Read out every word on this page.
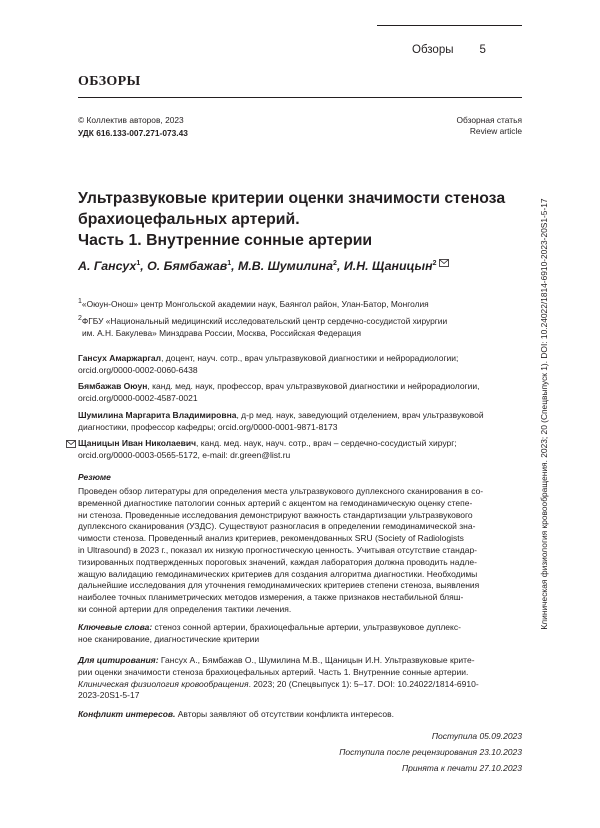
Обзоры 5
ОБЗОРЫ
© Коллектив авторов, 2023
УДК 616.133-007.271-073.43
Обзорная статья
Review article
Ультразвуковые критерии оценки значимости стеноза
брахиоцефальных артерий.
Часть 1. Внутренние сонные артерии
А. Гансух$^1$, О. Бямбажав$^1$, М.В. Шумилина$^2$, И.Н. Щаницын$^2$
$^1$«Оюун-Онош» центр Монгольской академии наук, Баянгол район, Улан-Батор, Монголия
$^2$ФГБУ «Национальный медицинский исследовательский центр сердечно-сосудистой хирургии
им. А.Н. Бакулева» Минздрава России, Москва, Российская Федерация
Гансух Амаржаргал, доцент, науч. сотр., врач ультразвуковой диагностики и нейрорадиологии;
orcid.org/0000-0002-0060-6438
Бямбажав Оюун, канд. мед. наук, профессор, врач ультразвуковой диагностики и нейрорадиологии,
orcid.org/0000-0002-4587-0021
Шумилина Маргарита Владимировна, д-р мед. наук, заведующий отделением, врач ультразвуковой
диагностики, профессор кафедры; orcid.org/0000-0001-9871-8173
Щаницын Иван Николаевич, канд. мед. наук, науч. сотр., врач – сердечно-сосудистый хирург;
orcid.org/0000-0003-0565-5172, e-mail: dr.green@list.ru
Резюме
Проведен обзор литературы для определения места ультразвукового дуплексного сканирования в со-
временной диагностике патологии сонных артерий с акцентом на гемодинамическую оценку степе-
ни стеноза. Проведенные исследования демонстрируют важность стандартизации ультразвукового
дуплексного сканирования (УЗДС). Существуют разногласия в определении гемодинамической зна-
чимости стеноза. Проведенный анализ критериев, рекомендованных SRU (Society of Radiologists
in Ultrasound) в 2023 г., показал их низкую прогностическую ценность. Учитывая отсутствие стандар-
тизированных подтвержденных пороговых значений, каждая лаборатория должна проводить надле-
жащую валидацию гемодинамических критериев для создания алгоритма диагностики. Необходимы
дальнейшие исследования для уточнения гемодинамических критериев степени стеноза, выявления
наиболее точных планиметрических методов измерения, а также признаков нестабильной бляш-
ки сонной артерии для определения тактики лечения.
Ключевые слова: стеноз сонной артерии, брахиоцефальные артерии, ультразвуковое дуплекс-
ное сканирование, диагностические критерии
Для цитирования: Гансух А., Бямбажав О., Шумилина М.В., Щаницын И.Н. Ультразвуковые крите-
рии оценки значимости стеноза брахиоцефальных артерий. Часть 1. Внутренние сонные артерии.
Клиническая физиология кровообращения. 2023; 20 (Спецвыпуск 1): 5–17. DOI: 10.24022/1814-6910-
2023-20S1-5-17
Конфликт интересов. Авторы заявляют об отсутствии конфликта интересов.
Поступила 05.09.2023
Поступила после рецензирования 23.10.2023
Принята к печати 27.10.2023
Клиническая физиология кровообращения. 2023; 20 (Спецвыпуск 1). DOI: 10.24022/1814-6910-2023-20S1-5-17
